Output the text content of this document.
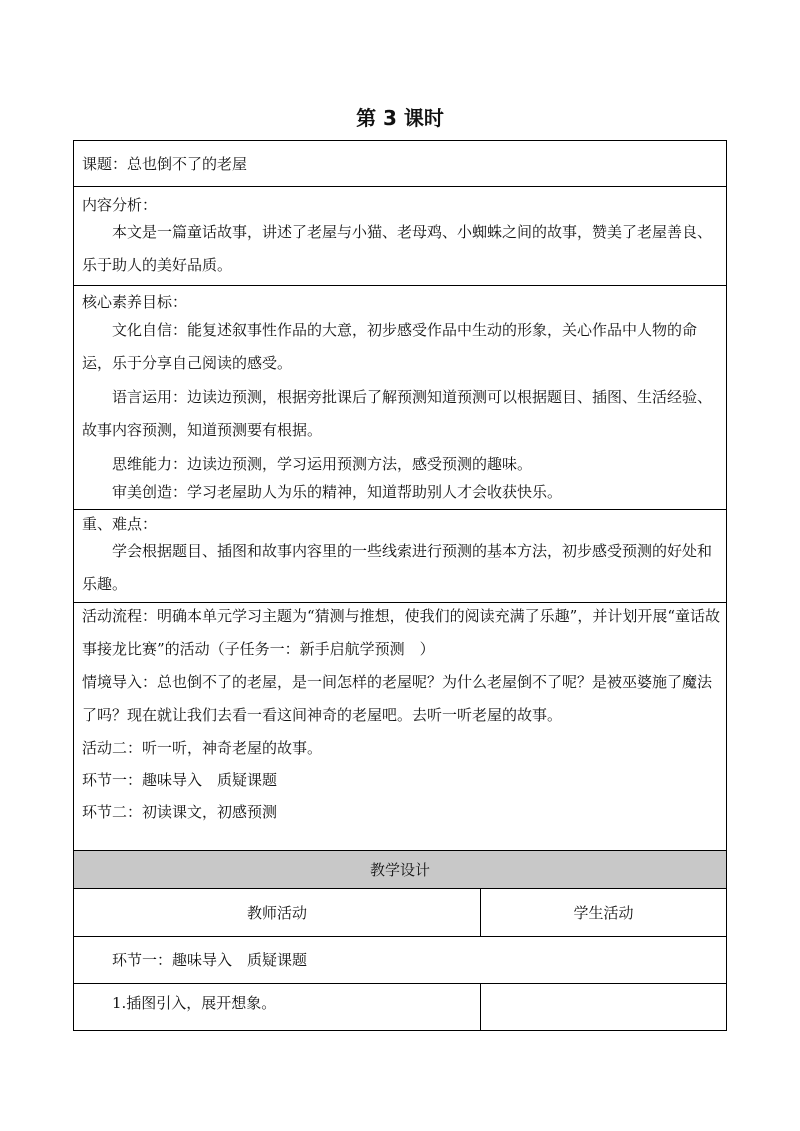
第 3 课时
课题：总也倒不了的老屋
内容分析：
本文是一篇童话故事，讲述了老屋与小猫、老母鸡、小蜘蛛之间的故事，赞美了老屋善良、乐于助人的美好品质。
核心素养目标：
文化自信：能复述叙事性作品的大意，初步感受作品中生动的形象，关心作品中人物的命运，乐于分享自己阅读的感受。
语言运用：边读边预测，根据旁批课后了解预测知道预测可以根据题目、插图、生活经验、故事内容预测，知道预测要有根据。
思维能力：边读边预测，学习运用预测方法，感受预测的趣味。
审美创造：学习老屋助人为乐的精神，知道帮助别人才会收获快乐。
重、难点：
学会根据题目、插图和故事内容里的一些线索进行预测的基本方法，初步感受预测的好处和乐趣。
活动流程：明确本单元学习主题为“猜测与推想，使我们的阅读充满了乐趣”，并计划开展“童话故事接龙比赛”的活动（子任务一：新手启航学预测　）
情境导入：总也倒不了的老屋，是一间怎样的老屋呢？为什么老屋倒不了呢？是被巫婆施了魔法了吗？现在就让我们去看一看这间神奇的老屋吧。去听一听老屋的故事。
活动二：听一听，神奇老屋的故事。
环节一：趣味导入　质疑课题
环节二：初读课文，初感预测
教学设计
教师活动	学生活动
环节一：趣味导入　质疑课题
1.插图引入，展开想象。
